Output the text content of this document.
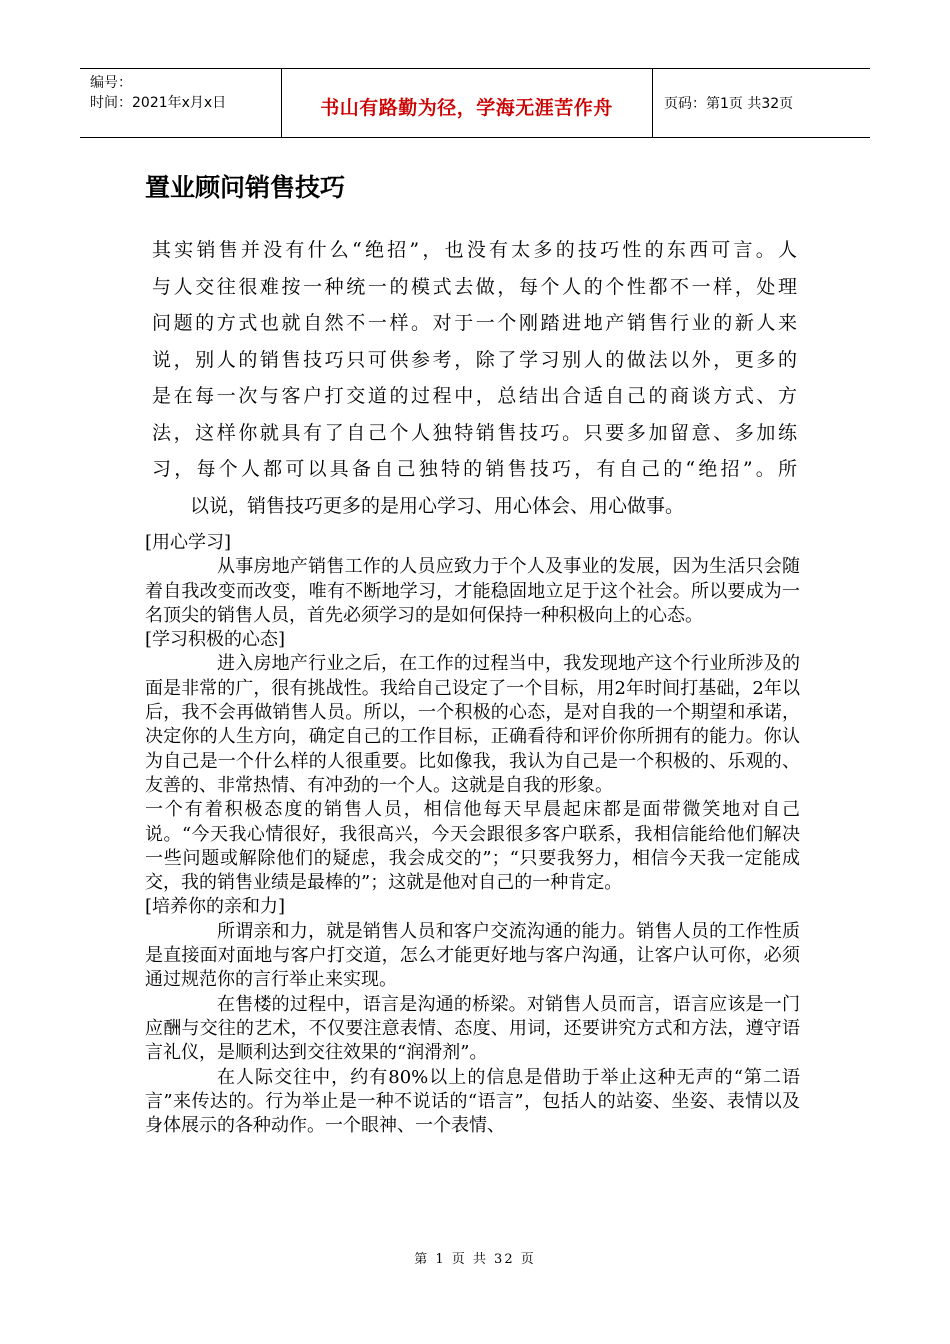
编号：
时间：2021年x月x日	书山有路勤为径，学海无涯苦作舟	页码：第1页 共32页
置业顾问销售技巧

其实销售并没有什么“绝招”，也没有太多的技巧性的东西可言。人

与人交往很难按一种统一的模式去做，每个人的个性都不一样，处理

问题的方式也就自然不一样。对于一个刚踏进地产销售行业的新人来

说，别人的销售技巧只可供参考，除了学习别人的做法以外，更多的

是在每一次与客户打交道的过程中，总结出合适自己的商谈方式、方

法，这样你就具有了自己个人独特销售技巧。只要多加留意、多加练

习，每个人都可以具备自己独特的销售技巧，有自己的“绝招”。所

以说，销售技巧更多的是用心学习、用心体会、用心做事。

[用心学习]

从事房地产销售工作的人员应致力于个人及事业的发展，因为生活只会随着自我改变而改变，唯有不断地学习，才能稳固地立足于这个社会。所以要成为一名顶尖的销售人员，首先必须学习的是如何保持一种积极向上的心态。

[学习积极的心态]

进入房地产行业之后，在工作的过程当中，我发现地产这个行业所涉及的面是非常的广，很有挑战性。我给自己设定了一个目标，用2年时间打基础，2年以后，我不会再做销售人员。所以，一个积极的心态，是对自我的一个期望和承诺，决定你的人生方向，确定自己的工作目标，正确看待和评价你所拥有的能力。你认为自己是一个什么样的人很重要。比如像我，我认为自己是一个积极的、乐观的、友善的、非常热情、有冲劲的一个人。这就是自我的形象。

一个有着积极态度的销售人员，相信他每天早晨起床都是面带微笑地对自己说。“今天我心情很好，我很高兴，今天会跟很多客户联系，我相信能给他们解决一些问题或解除他们的疑虑，我会成交的”；“只要我努力，相信今天我一定能成交，我的销售业绩是最棒的”；这就是他对自己的一种肯定。

[培养你的亲和力]

所谓亲和力，就是销售人员和客户交流沟通的能力。销售人员的工作性质是直接面对面地与客户打交道，怎么才能更好地与客户沟通，让客户认可你，必须通过规范你的言行举止来实现。

在售楼的过程中，语言是沟通的桥梁。对销售人员而言，语言应该是一门应酬与交往的艺术，不仅要注意表情、态度、用词，还要讲究方式和方法，遵守语言礼仪，是顺利达到交往效果的“润滑剂”。

在人际交往中，约有80%以上的信息是借助于举止这种无声的“第二语言”来传达的。行为举止是一种不说话的“语言”，包括人的站姿、坐姿、表情以及身体展示的各种动作。一个眼神、一个表情、

第 1 页 共 32 页
